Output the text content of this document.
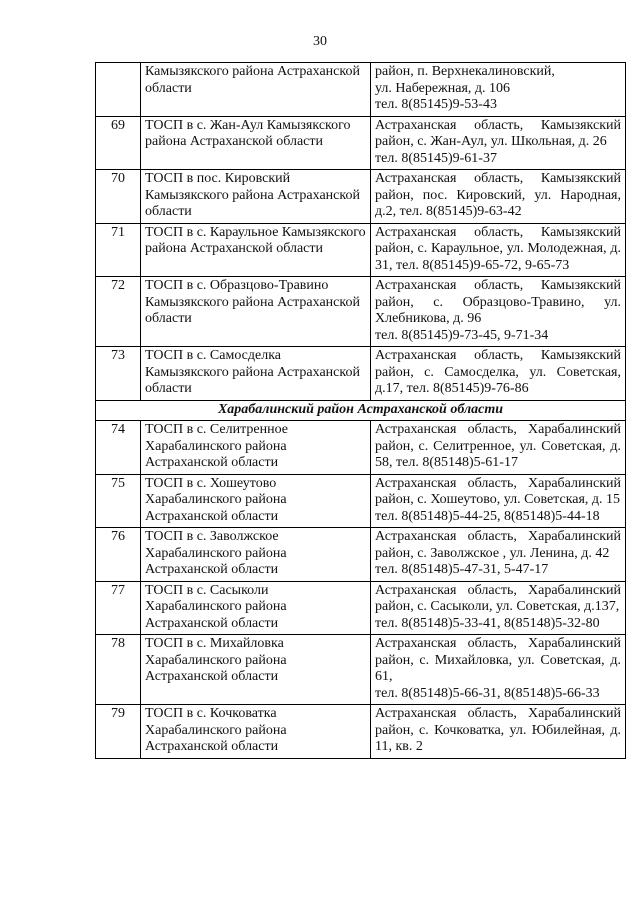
30
	Камызякского района Астраханской области	район, п. Верхнекалиновский,
ул. Набережная, д. 106
тел. 8(85145)9-53-43

69	ТОСП в с. Жан-Аул Камызякского района Астраханской области	Астраханская область, Камызякский район, с. Жан-Аул, ул. Школьная, д. 26
тел. 8(85145)9-61-37

70	ТОСП в пос. Кировский Камызякского района Астраханской области	Астраханская область, Камызякский район, пос. Кировский, ул. Народная, д.2, тел. 8(85145)9-63-42

71	ТОСП в с. Караульное Камызякского района Астраханской области	Астраханская область, Камызякский район, с. Караульное, ул. Молодежная, д. 31, тел. 8(85145)9-65-72, 9-65-73

72	ТОСП в с. Образцово-Травино Камызякского района Астраханской области	Астраханская область, Камызякский район, с. Образцово-Травино, ул. Хлебникова, д. 96
тел. 8(85145)9-73-45, 9-71-34

73	ТОСП в с. Самосделка Камызякского района Астраханской области	Астраханская область, Камызякский район, с. Самосделка, ул. Советская, д.17, тел. 8(85145)9-76-86

Харабалинский район Астраханской области		
74	ТОСП в с. Селитренное Харабалинского района Астраханской области	Астраханская область, Харабалинский район, с. Селитренное, ул. Советская, д. 58, тел. 8(85148)5-61-17

75	ТОСП в с. Хошеутово Харабалинского района Астраханской области	Астраханская область, Харабалинский район, с. Хошеутово, ул. Советская, д. 15
тел. 8(85148)5-44-25, 8(85148)5-44-18

76	ТОСП в с. Заволжское Харабалинского района Астраханской области	Астраханская область, Харабалинский район, с. Заволжское , ул. Ленина, д. 42
тел. 8(85148)5-47-31, 5-47-17

77	ТОСП в с. Сасыколи Харабалинского района Астраханской области	Астраханская область, Харабалинский район, с. Сасыколи, ул. Советская, д.137,
тел. 8(85148)5-33-41, 8(85148)5-32-80

78	ТОСП в с. Михайловка Харабалинского района Астраханской области	Астраханская область, Харабалинский район, с. Михайловка, ул. Советская, д. 61,
тел. 8(85148)5-66-31, 8(85148)5-66-33

79	ТОСП в с. Кочковатка Харабалинского района Астраханской области	Астраханская область, Харабалинский район, с. Кочковатка, ул. Юбилейная, д. 11, кв. 2
